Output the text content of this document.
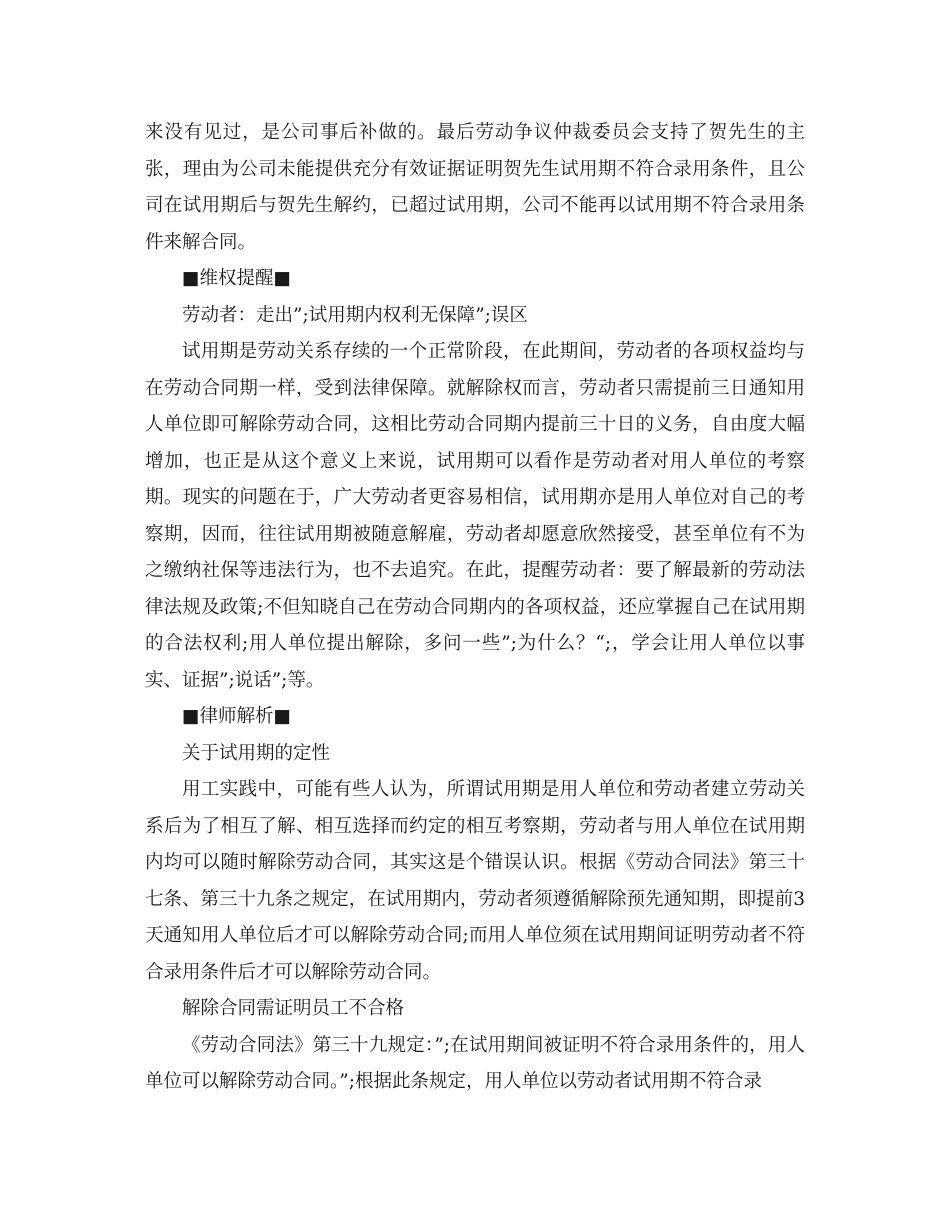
来没有见过，是公司事后补做的。最后劳动争议仲裁委员会支持了贺先生的主张，理由为公司未能提供充分有效证据证明贺先生试用期不符合录用条件，且公司在试用期后与贺先生解约，已超过试用期，公司不能再以试用期不符合录用条件来解合同。

■维权提醒■

劳动者：走出”;试用期内权利无保障”;误区

试用期是劳动关系存续的一个正常阶段，在此期间，劳动者的各项权益均与在劳动合同期一样，受到法律保障。就解除权而言，劳动者只需提前三日通知用人单位即可解除劳动合同，这相比劳动合同期内提前三十日的义务，自由度大幅增加，也正是从这个意义上来说，试用期可以看作是劳动者对用人单位的考察期。现实的问题在于，广大劳动者更容易相信，试用期亦是用人单位对自己的考察期，因而，往往试用期被随意解雇，劳动者却愿意欣然接受，甚至单位有不为之缴纳社保等违法行为，也不去追究。在此，提醒劳动者：要了解最新的劳动法律法规及政策;不但知晓自己在劳动合同期内的各项权益，还应掌握自己在试用期的合法权利;用人单位提出解除，多问一些”;为什么？“;，学会让用人单位以事实、证据”;说话”;等。

■律师解析■

关于试用期的定性

用工实践中，可能有些人认为，所谓试用期是用人单位和劳动者建立劳动关系后为了相互了解、相互选择而约定的相互考察期，劳动者与用人单位在试用期内均可以随时解除劳动合同，其实这是个错误认识。根据《劳动合同法》第三十七条、第三十九条之规定，在试用期内，劳动者须遵循解除预先通知期，即提前3天通知用人单位后才可以解除劳动合同;而用人单位须在试用期间证明劳动者不符合录用条件后才可以解除劳动合同。

解除合同需证明员工不合格

《劳动合同法》第三十九规定：”;在试用期间被证明不符合录用条件的，用人单位可以解除劳动合同。”;根据此条规定，用人单位以劳动者试用期不符合录
